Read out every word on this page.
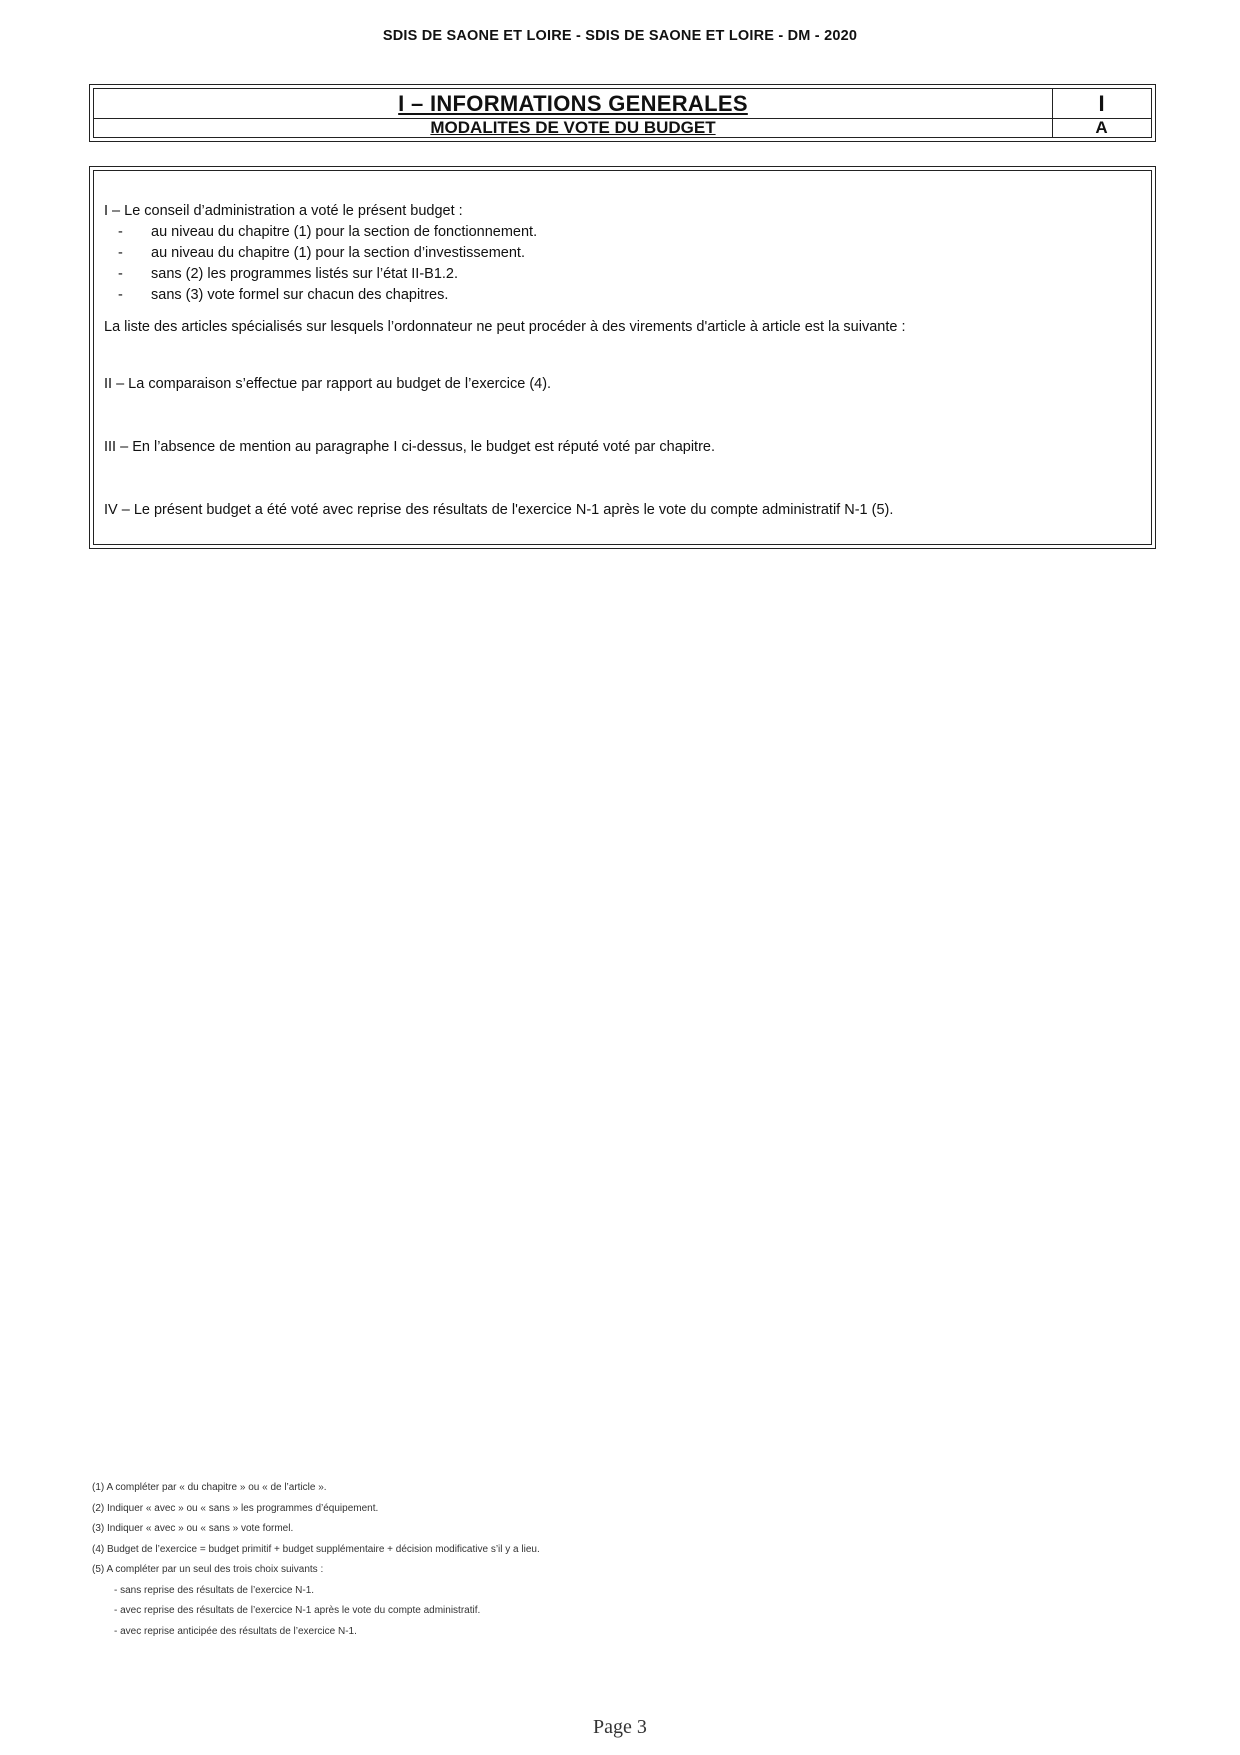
SDIS DE SAONE ET LOIRE - SDIS DE SAONE ET LOIRE - DM - 2020
I – INFORMATIONS GENERALES
MODALITES DE VOTE DU BUDGET
I
A
I – Le conseil d’administration a voté le présent budget :
- au niveau du chapitre (1) pour la section de fonctionnement.
- au niveau du chapitre (1) pour la section d’investissement.
- sans (2) les programmes listés sur l’état II-B1.2.
- sans (3) vote formel sur chacun des chapitres.
La liste des articles spécialisés sur lesquels l’ordonnateur ne peut procéder à des virements d'article à article est la suivante :
II – La comparaison s’effectue par rapport au budget de l’exercice (4).
III – En l’absence de mention au paragraphe I ci-dessus, le budget est réputé voté par chapitre.
IV – Le présent budget a été voté avec reprise des résultats de l'exercice N-1 après le vote du compte administratif N-1 (5).
(1) A compléter par « du chapitre » ou « de l’article ».
(2) Indiquer « avec » ou « sans » les programmes d’équipement.
(3) Indiquer « avec » ou « sans » vote formel.
(4) Budget de l’exercice = budget primitif + budget supplémentaire + décision modificative s’il y a lieu.
(5) A compléter par un seul des trois choix suivants :
- sans reprise des résultats de l’exercice N-1.
- avec reprise des résultats de l’exercice N-1 après le vote du compte administratif.
- avec reprise anticipée des résultats de l’exercice N-1.
Page 3
